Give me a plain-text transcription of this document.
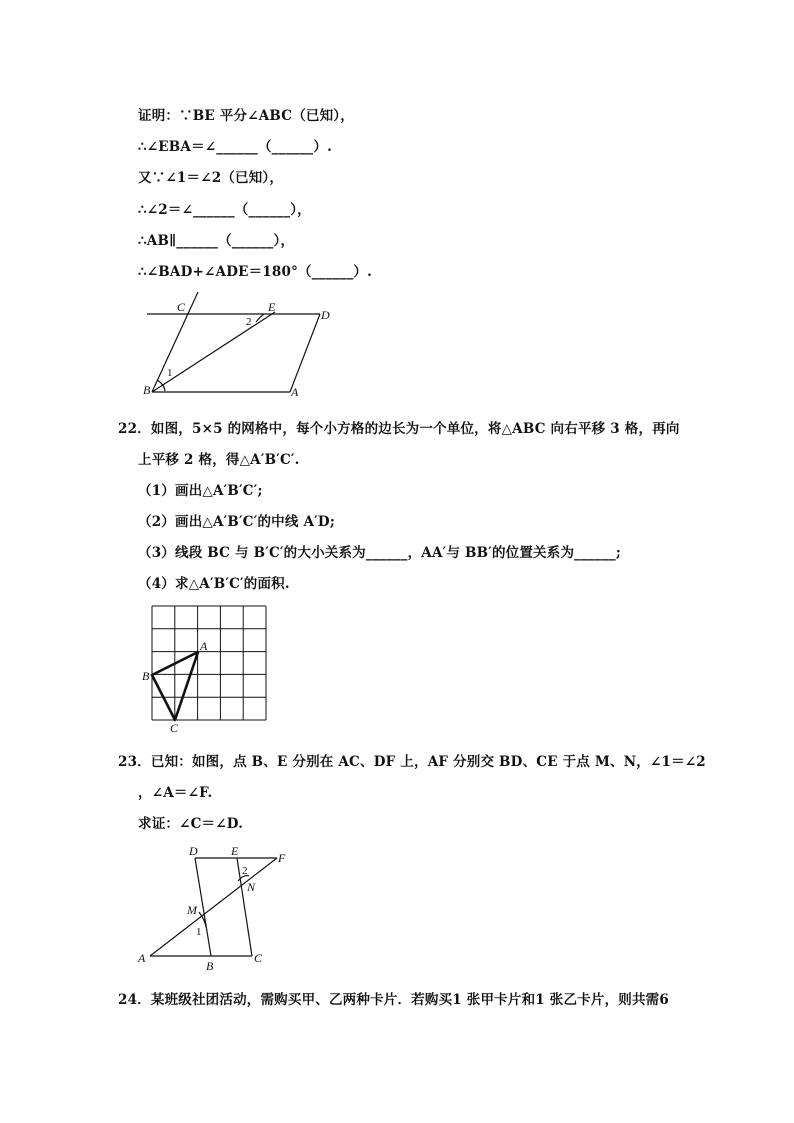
证明：∵BE 平分∠ABC（已知），
∴∠EBA＝∠______（______）.
又∵∠1＝∠2（已知），
∴∠2＝∠______（______），
∴AB∥______（______），
∴∠BAD+∠ADE＝180°（______）.
C	E
D
B	A
1
2
22．如图，5×5 的网格中，每个小方格的边长为一个单位，将△ABC 向右平移 3 格，再向
上平移 2 格，得△A′B′C′.
（1）画出△A′B′C′;
（2）画出△A′B′C′的中线 A′D;
（3）线段 BC 与 B′C′的大小关系为______，AA′与 BB′的位置关系为______;
（4）求△A′B′C′的面积.
A
B
C
23．已知：如图，点 B、E 分别在 AC、DF 上，AF 分别交 BD、CE 于点 M、N，∠1＝∠2
，∠A＝∠F.
求证：∠C＝∠D.
D	E	F
N
M
A
B
C
1
2
24．某班级社团活动，需购买甲、乙两种卡片．若购买1 张甲卡片和1 张乙卡片，则共需6
